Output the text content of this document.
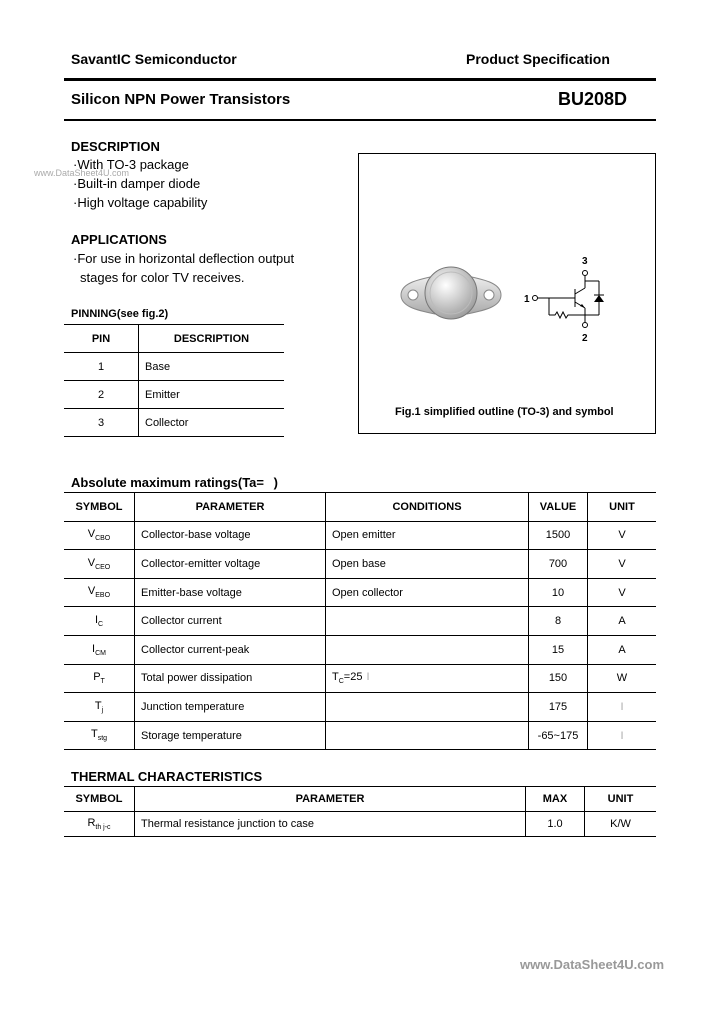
SavantIC Semiconductor	Product Specification
Silicon NPN Power Transistors	BU208D
DESCRIPTION
www.DataSheet4U.com
·With TO-3 package
·Built-in damper diode
·High voltage capability
APPLICATIONS
·For use in horizontal deflection output
stages for color TV receives.
PINNING(see fig.2)
PIN	DESCRIPTION
1	Base
2	Emitter
3	Collector
1
3
2
Fig.1 simplified outline (TO-3) and symbol
Absolute maximum ratings(Ta= )
SYMBOL	PARAMETER	CONDITIONS	VALUE	UNIT
$V_{CBO}$	Collector-base voltage	Open emitter	1500	V
$V_{CEO}$	Collector-emitter voltage	Open base	700	V
$V_{EBO}$	Emitter-base voltage	Open collector	10	V
$I_C$	Collector current		8	A
$I_{CM}$	Collector current-peak		15	A
$P_T$	Total power dissipation	$T_C=25$ I	150	W
$T_j$	Junction temperature		175	I
$T_{stg}$	Storage temperature		-65~175	I
THERMAL CHARACTERISTICS
SYMBOL	PARAMETER	MAX	UNIT
$R_{th j-c}$	Thermal resistance junction to case	1.0	K/W
www.DataSheet4U.com
